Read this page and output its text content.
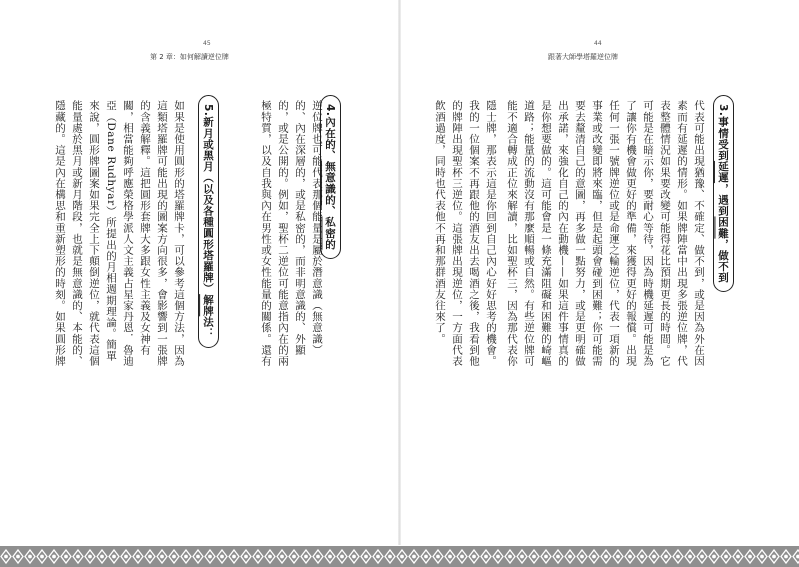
45
第 2 章：如何解讀逆位牌
4.內在的、無意識的、私密的
逆位牌也可能代表那個能量是屬於潛意識（無意識）的、內在深層的，或是私密的，而非明意識的、外顯的，或是公開的。例如，聖杯二逆位可能意指內在的兩極特質，以及自我與內在男性或女性能量的關係。還有
5.新月或黑月（以及各種圓形塔羅牌）解牌法：
如果是使用圓形的塔羅牌卡，可以參考這個方法，因為這類塔羅牌可能出現的圖案方向很多，會影響到一張牌的含義解釋。這把圓形套牌大多跟女性主義及女神有關，相當能夠呼應榮格學派人文主義占星家丹恩．魯迪亞（Dane Rudhyar）所提出的月相週期理論。簡單來說，圓形牌圖案如果完全上下顛倒逆位，就代表這個能量處於黑月或新月階段，也就是無意識的、本能的、隱藏的。這是內在構思和重新塑形的時刻。如果圓形牌
44
跟著大師學塔羅逆位牌
3.事情受到延遲，遇到困難，做不到
代表可能出現猶豫、不確定、做不到，或是因為外在因素而有延遲的情形。如果牌陣當中出現多張逆位牌，代表整體情況如果要改變可能得花比預期更長的時間。它可能是在暗示你，要耐心等待，因為時機延遲可能是為了讓你有機會做更好的準備，來獲得更好的報償。出現任何一張一號牌逆位或是命運之輪逆位，代表一項新的事業或改變即將來臨，但是起頭會碰到困難；你可能需要去釐清自己的意圖，再多做一點努力，或是更明確做出承諾，來強化自己的內在動機——如果這件事情真的是你想要做的。這可能會是一條充滿阻礙和困難的崎嶇道路；能量的流動沒有那麼順暢或自然。有些逆位牌可能不適合轉成正位來解讀，比如聖杯三，因為那代表你
隱士牌，那表示這是你回到自己內心好好思考的機會。我的一位個案不再跟他的酒友出去喝酒之後，我看到他的牌陣出現聖杯三逆位。這張牌出現逆位，一方面代表飲酒過度，同時也代表他不再和那群酒友往來了。
